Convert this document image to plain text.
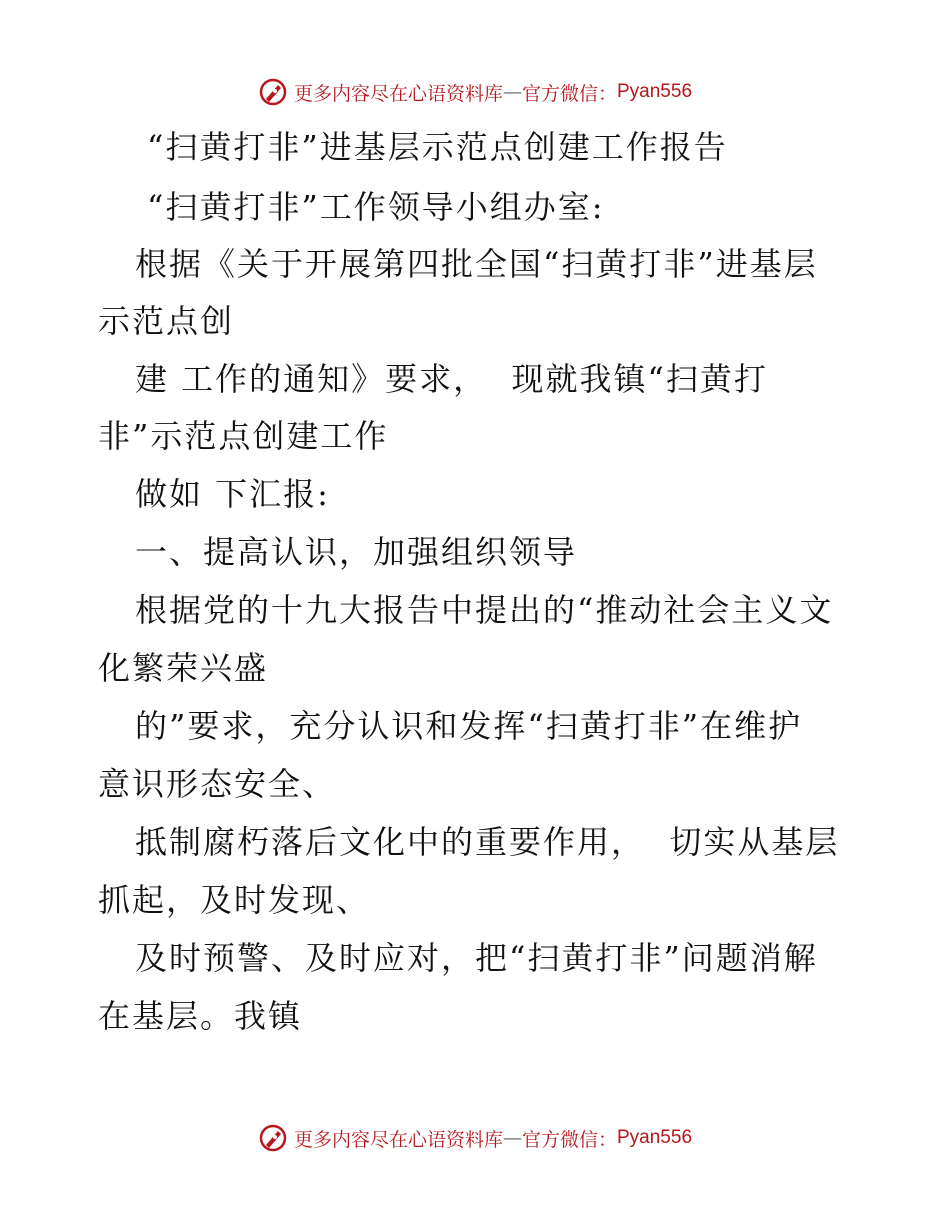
更多内容尽在心语资料库 — 官方微信： Pyan556
“扫黄打非”进基层示范点创建工作报告
“扫黄打非”工作领导小组办室:
根据《关于开展第四批全国“扫黄打非”进基层
示范点创
建 工作的通知》要求，  现就我镇“扫黄打
非”示范点创建工作
做如 下汇报:
一、提高认识，加强组织领导
根据党的十九大报告中提出的“推动社会主义文
化繁荣兴盛
的”要求，充分认识和发挥“扫黄打非”在维护
意识形态安全、
抵制腐朽落后文化中的重要作用，  切实从基层
抓起，及时发现、
及时预警、及时应对，把“扫黄打非”问题消解
在基层。我镇
更多内容尽在心语资料库 — 官方微信： Pyan556
